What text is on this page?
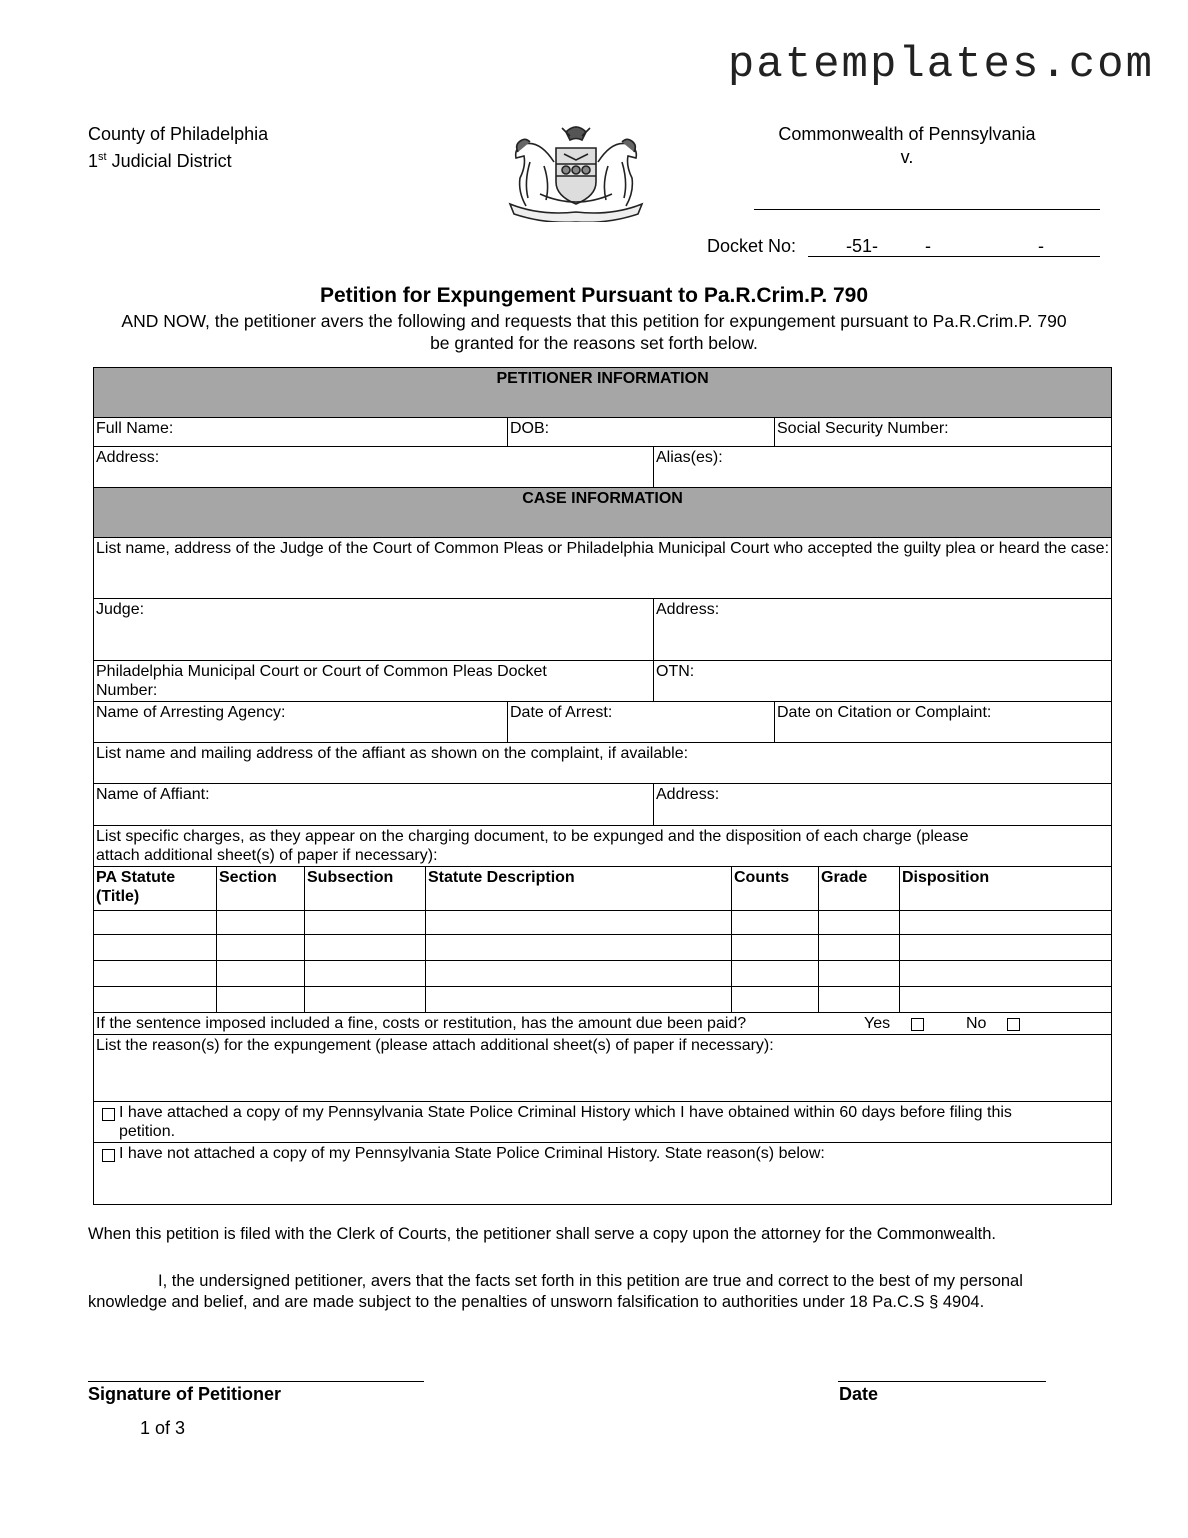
patemplates.com
County of Philadelphia
1st Judicial District
Commonwealth of Pennsylvania
v.
Docket No:	-51-	-	-
Petition for Expungement Pursuant to Pa.R.Crim.P. 790
AND NOW, the petitioner avers the following and requests that this petition for expungement pursuant to Pa.R.Crim.P. 790 be granted for the reasons set forth below.
PETITIONER INFORMATION									
Full Name:				DOB:			Social Security Number:		
Address:					Alias(es):				
CASE INFORMATION									
List name, address of the Judge of the Court of Common Pleas or Philadelphia Municipal Court who accepted the guilty plea or heard the case:									
Judge:					Address:				

Philadelphia Municipal Court or Court of Common Pleas Docket Number:					OTN:				
Name of Arresting Agency:				Date of Arrest:			Date on Citation or Complaint:		
List name and mailing address of the affiant as shown on the complaint, if available:									
Name of Affiant:					Address:				

List specific charges, as they appear on the charging document, to be expunged and the disposition of each charge (please attach additional sheet(s) of paper if necessary):									

PA Statute (Title)	Section	Subsection	Statute Description			Counts		Grade	Disposition

If the sentence imposed included a fine, costs or restitution, has the amount due been paid? Yes No									

List the reason(s) for the expungement (please attach additional sheet(s) of paper if necessary):									

I have attached a copy of my Pennsylvania State Police Criminal History which I have obtained within 60 days before filing this petition.									

I have not attached a copy of my Pennsylvania State Police Criminal History. State reason(s) below:									
When this petition is filed with the Clerk of Courts, the petitioner shall serve a copy upon the attorney for the Commonwealth.
I, the undersigned petitioner, avers that the facts set forth in this petition are true and correct to the best of my personal knowledge and belief, and are made subject to the penalties of unsworn falsification to authorities under 18 Pa.C.S § 4904.
Signature of Petitioner	Date
1 of 3
